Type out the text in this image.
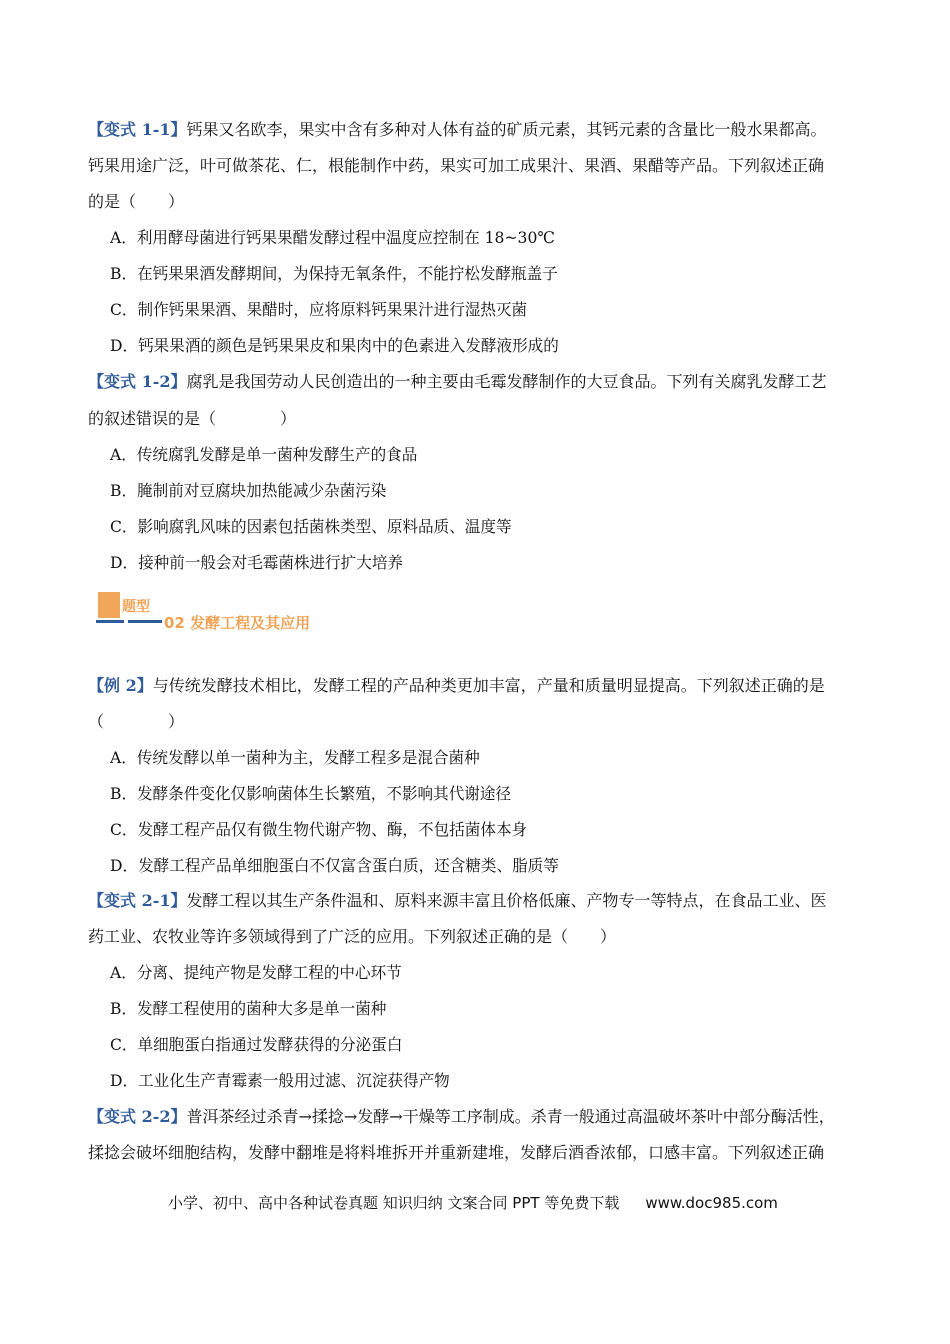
【变式 1-1】钙果又名欧李，果实中含有多种对人体有益的矿质元素，其钙元素的含量比一般水果都高。
钙果用途广泛，叶可做茶花、仁，根能制作中药，果实可加工成果汁、果酒、果醋等产品。下列叙述正确
的是（　　）
A．利用酵母菌进行钙果果醋发酵过程中温度应控制在 18~30℃
B．在钙果果酒发酵期间，为保持无氧条件，不能拧松发酵瓶盖子
C．制作钙果果酒、果醋时，应将原料钙果果汁进行湿热灭菌
D．钙果果酒的颜色是钙果果皮和果肉中的色素进入发酵液形成的
【变式 1-2】腐乳是我国劳动人民创造出的一种主要由毛霉发酵制作的大豆食品。下列有关腐乳发酵工艺
的叙述错误的是（　　　　）
A．传统腐乳发酵是单一菌种发酵生产的食品
B．腌制前对豆腐块加热能减少杂菌污染
C．影响腐乳风味的因素包括菌株类型、原料品质、温度等
D．接种前一般会对毛霉菌株进行扩大培养
题型
02 发酵工程及其应用
【例 2】与传统发酵技术相比，发酵工程的产品种类更加丰富，产量和质量明显提高。下列叙述正确的是
（　　　　）
A．传统发酵以单一菌种为主，发酵工程多是混合菌种
B．发酵条件变化仅影响菌体生长繁殖，不影响其代谢途径
C．发酵工程产品仅有微生物代谢产物、酶，不包括菌体本身
D．发酵工程产品单细胞蛋白不仅富含蛋白质，还含糖类、脂质等
【变式 2-1】发酵工程以其生产条件温和、原料来源丰富且价格低廉、产物专一等特点，在食品工业、医
药工业、农牧业等许多领域得到了广泛的应用。下列叙述正确的是（　　）
A．分离、提纯产物是发酵工程的中心环节
B．发酵工程使用的菌种大多是单一菌种
C．单细胞蛋白指通过发酵获得的分泌蛋白
D．工业化生产青霉素一般用过滤、沉淀获得产物
【变式 2-2】普洱茶经过杀青→揉捻→发酵→干燥等工序制成。杀青一般通过高温破坏茶叶中部分酶活性，
揉捻会破坏细胞结构，发酵中翻堆是将料堆拆开并重新建堆，发酵后酒香浓郁，口感丰富。下列叙述正确
小学、初中、高中各种试卷真题 知识归纳 文案合同 PPT 等免费下载 www.doc985.com
